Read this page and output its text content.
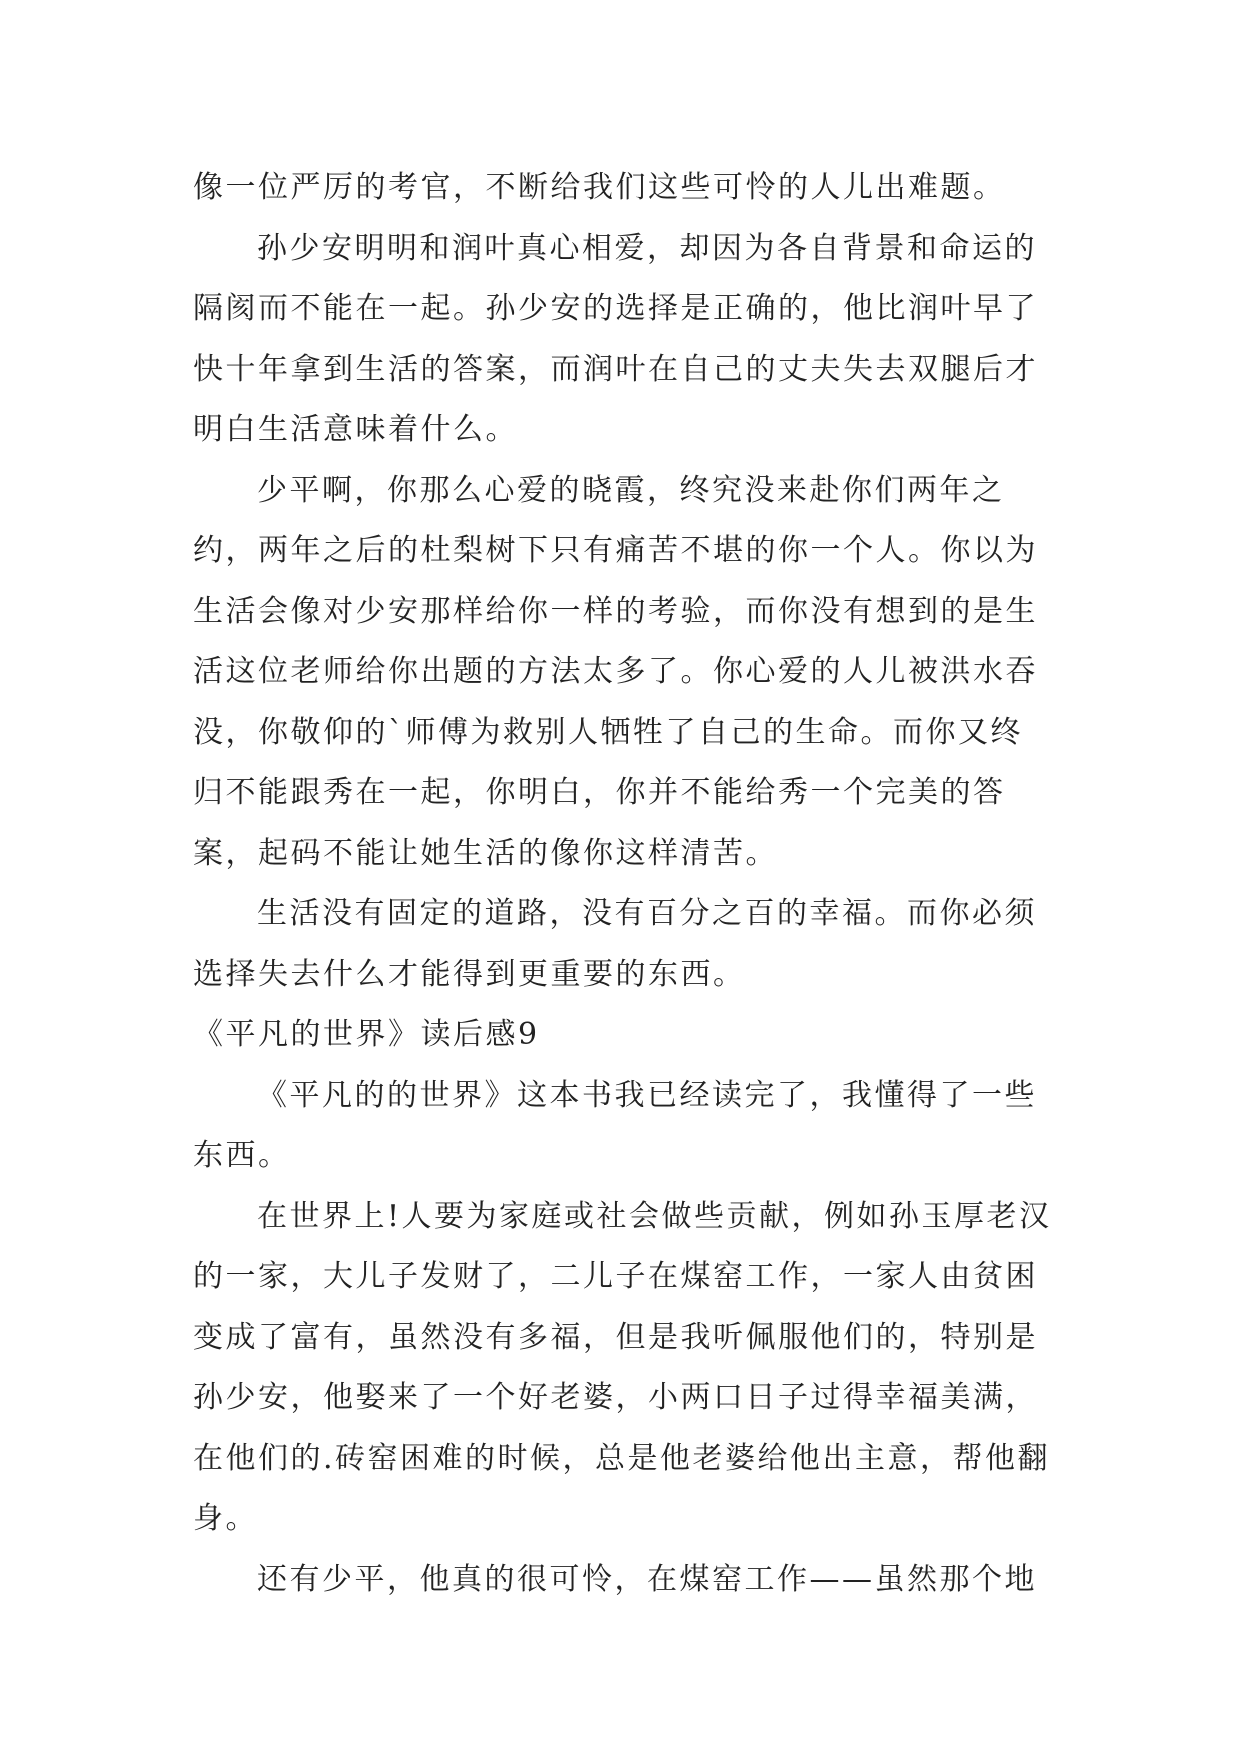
像一位严厉的考官，不断给我们这些可怜的人儿出难题。

孙少安明明和润叶真心相爱，却因为各自背景和命运的隔阂而不能在一起。孙少安的选择是正确的，他比润叶早了快十年拿到生活的答案，而润叶在自己的丈夫失去双腿后才明白生活意味着什么。

少平啊，你那么心爱的晓霞，终究没来赴你们两年之约，两年之后的杜梨树下只有痛苦不堪的你一个人。你以为生活会像对少安那样给你一样的考验，而你没有想到的是生活这位老师给你出题的方法太多了。你心爱的人儿被洪水吞没，你敬仰的`师傅为救别人牺牲了自己的生命。而你又终归不能跟秀在一起，你明白，你并不能给秀一个完美的答案，起码不能让她生活的像你这样清苦。

生活没有固定的道路，没有百分之百的幸福。而你必须选择失去什么才能得到更重要的东西。

《平凡的世界》读后感9

《平凡的的世界》这本书我已经读完了，我懂得了一些东西。

在世界上!人要为家庭或社会做些贡献，例如孙玉厚老汉的一家，大儿子发财了，二儿子在煤窑工作，一家人由贫困变成了富有，虽然没有多福，但是我听佩服他们的，特别是孙少安，他娶来了一个好老婆，小两口日子过得幸福美满，在他们的.砖窑困难的时候，总是他老婆给他出主意，帮他翻身。

还有少平，他真的很可怜，在煤窑工作——虽然那个地
